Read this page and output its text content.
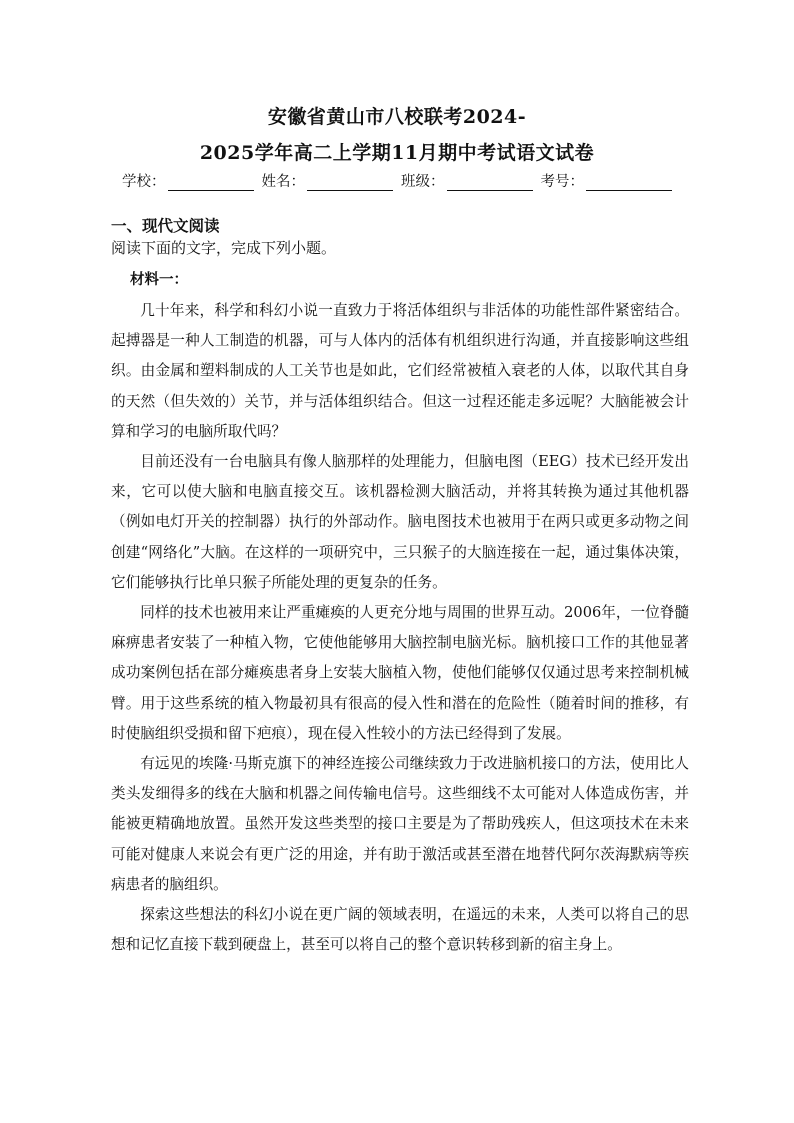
安徽省黄山市八校联考2024-
2025学年高二上学期11月期中考试语文试卷
学校：	姓名：	班级：	考号：
一、现代文阅读
阅读下面的文字，完成下列小题。
材料一：

几十年来，科学和科幻小说一直致力于将活体组织与非活体的功能性部件紧密结合。起搏器是一种人工制造的机器，可与人体内的活体有机组织进行沟通，并直接影响这些组织。由金属和塑料制成的人工关节也是如此，它们经常被植入衰老的人体，以取代其自身的天然（但失效的）关节，并与活体组织结合。但这一过程还能走多远呢？大脑能被会计算和学习的电脑所取代吗？

目前还没有一台电脑具有像人脑那样的处理能力，但脑电图（EEG）技术已经开发出来，它可以使大脑和电脑直接交互。该机器检测大脑活动，并将其转换为通过其他机器（例如电灯开关的控制器）执行的外部动作。脑电图技术也被用于在两只或更多动物之间创建“网络化”大脑。在这样的一项研究中，三只猴子的大脑连接在一起，通过集体决策，它们能够执行比单只猴子所能处理的更复杂的任务。

同样的技术也被用来让严重瘫痪的人更充分地与周围的世界互动。2006年，一位脊髓麻痹患者安装了一种植入物，它使他能够用大脑控制电脑光标。脑机接口工作的其他显著成功案例包括在部分瘫痪患者身上安装大脑植入物，使他们能够仅仅通过思考来控制机械臂。用于这些系统的植入物最初具有很高的侵入性和潜在的危险性（随着时间的推移，有时使脑组织受损和留下疤痕），现在侵入性较小的方法已经得到了发展。

有远见的埃隆·马斯克旗下的神经连接公司继续致力于改进脑机接口的方法，使用比人类头发细得多的线在大脑和机器之间传输电信号。这些细线不太可能对人体造成伤害，并能被更精确地放置。虽然开发这些类型的接口主要是为了帮助残疾人，但这项技术在未来可能对健康人来说会有更广泛的用途，并有助于激活或甚至潜在地替代阿尔茨海默病等疾病患者的脑组织。

探索这些想法的科幻小说在更广阔的领域表明，在遥远的未来，人类可以将自己的思想和记忆直接下载到硬盘上，甚至可以将自己的整个意识转移到新的宿主身上。
